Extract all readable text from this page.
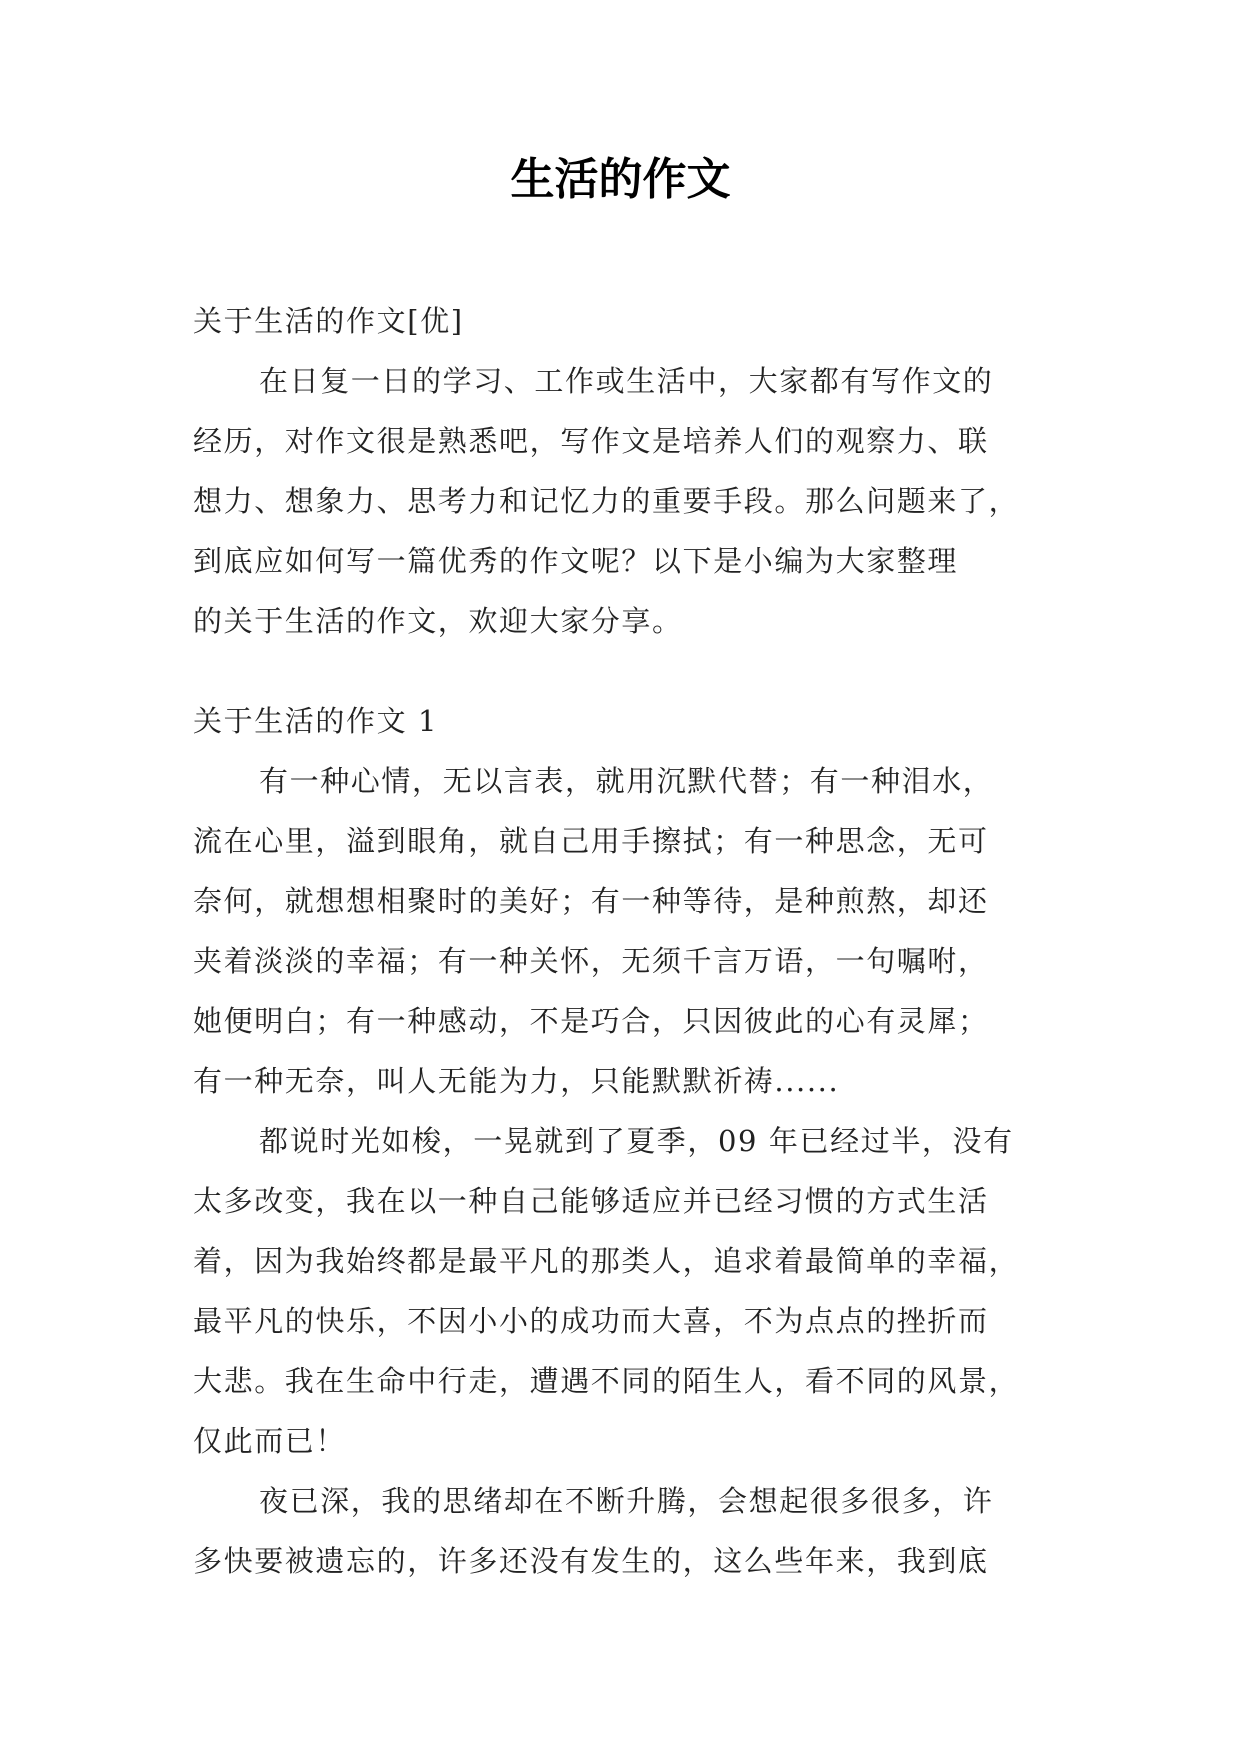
生活的作文
关于生活的作文[优]
在日复一日的学习、工作或生活中，大家都有写作文的
经历，对作文很是熟悉吧，写作文是培养人们的观察力、联
想力、想象力、思考力和记忆力的重要手段。那么问题来了，
到底应如何写一篇优秀的作文呢？以下是小编为大家整理
的关于生活的作文，欢迎大家分享。
关于生活的作文 1
有一种心情，无以言表，就用沉默代替；有一种泪水，
流在心里，溢到眼角，就自己用手擦拭；有一种思念，无可
奈何，就想想相聚时的美好；有一种等待，是种煎熬，却还
夹着淡淡的幸福；有一种关怀，无须千言万语，一句嘱咐，
她便明白；有一种感动，不是巧合，只因彼此的心有灵犀；
有一种无奈，叫人无能为力，只能默默祈祷......
都说时光如梭，一晃就到了夏季，09 年已经过半，没有
太多改变，我在以一种自己能够适应并已经习惯的方式生活
着，因为我始终都是最平凡的那类人，追求着最简单的幸福，
最平凡的快乐，不因小小的成功而大喜，不为点点的挫折而
大悲。我在生命中行走，遭遇不同的陌生人，看不同的风景，
仅此而已！
夜已深，我的思绪却在不断升腾，会想起很多很多，许
多快要被遗忘的，许多还没有发生的，这么些年来，我到底
